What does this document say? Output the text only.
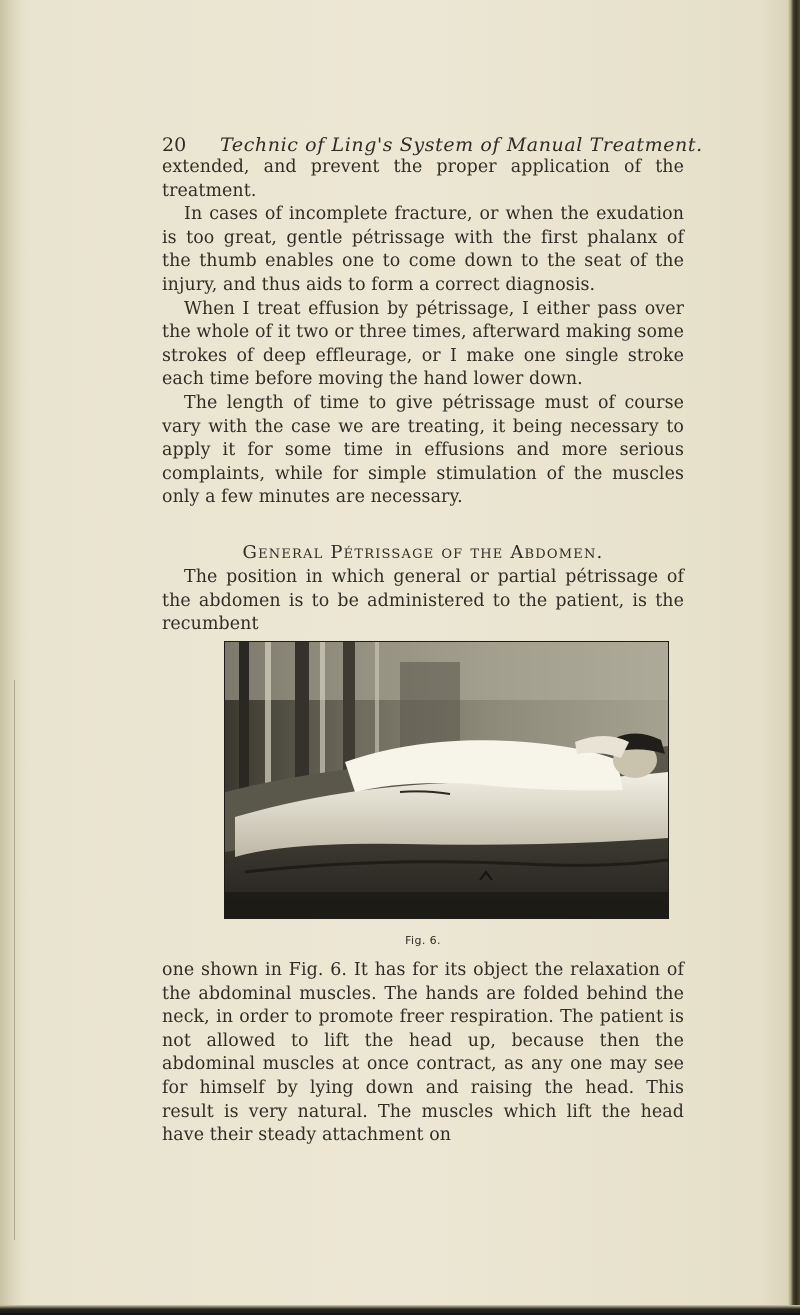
20 Technic of Ling's System of Manual Treatment.

extended, and prevent the proper application of the treatment.

In cases of incomplete fracture, or when the exudation is too great, gentle pétrissage with the first phalanx of the thumb enables one to come down to the seat of the injury, and thus aids to form a correct diagnosis.

When I treat effusion by pétrissage, I either pass over the whole of it two or three times, afterward making some strokes of deep effleurage, or I make one single stroke each time before moving the hand lower down.

The length of time to give pétrissage must of course vary with the case we are treating, it being necessary to apply it for some time in effusions and more serious complaints, while for simple stimulation of the muscles only a few minutes are necessary.

General Pétrissage of the Abdomen.

The position in which general or partial pétrissage of the abdomen is to be administered to the patient, is the recumbent

Fig. 6.

one shown in Fig. 6. It has for its object the relaxation of the abdominal muscles. The hands are folded behind the neck, in order to promote freer respiration. The patient is not allowed to lift the head up, because then the abdominal muscles at once contract, as any one may see for himself by lying down and raising the head. This result is very natural. The muscles which lift the head have their steady attachment on
